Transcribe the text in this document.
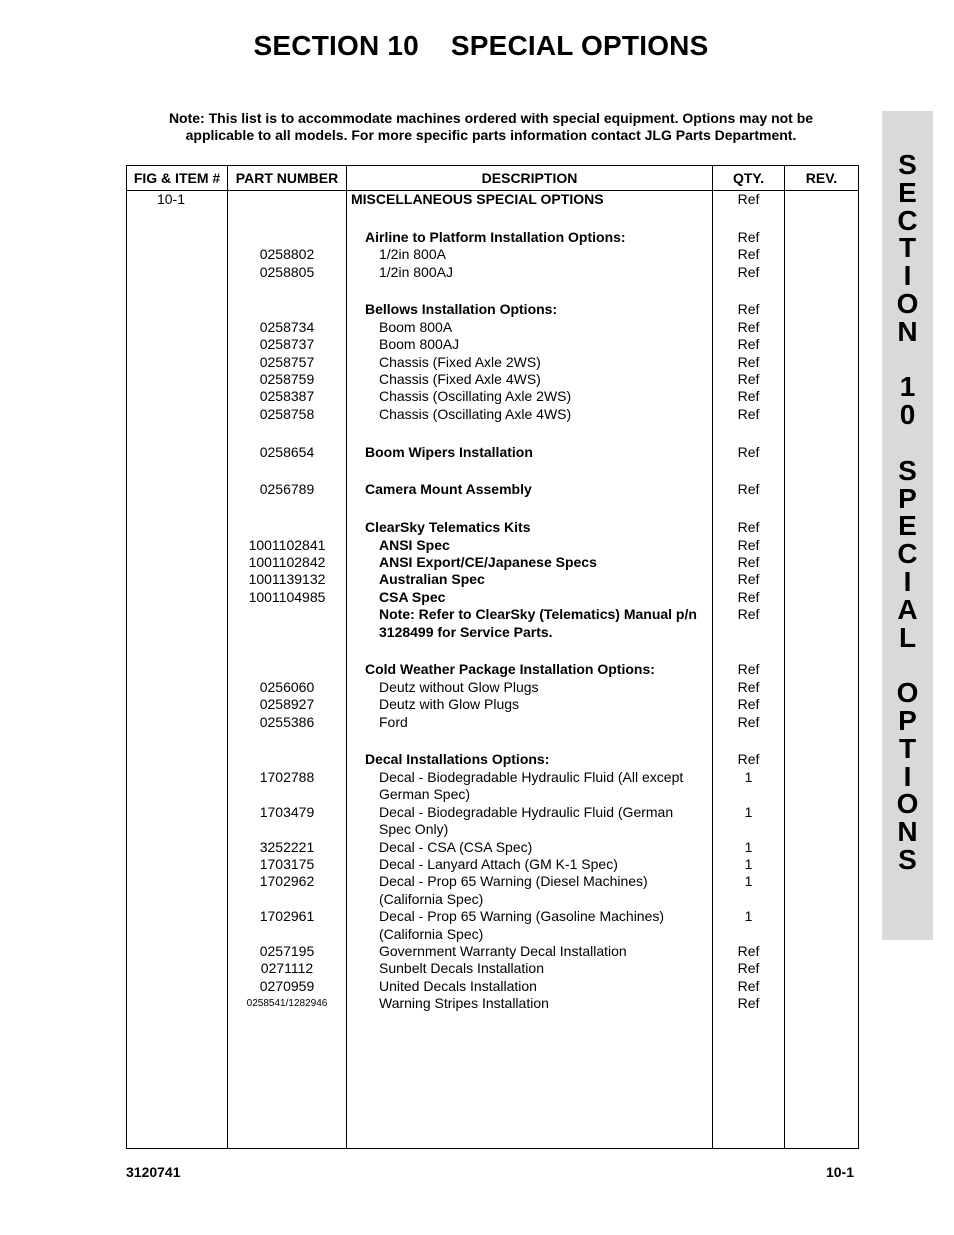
SECTION 10    SPECIAL OPTIONS
Note: This list is to accommodate machines ordered with special equipment. Options may not be applicable to all models. For more specific parts information contact JLG Parts Department.
S
E
C
T
I
O
N
1
0
S
P
E
C
I
A
L
O
P
T
I
O
N
S
FIG & ITEM #	PART NUMBER	DESCRIPTION	QTY.	REV.
10-1		MISCELLANEOUS SPECIAL OPTIONS	Ref	

		Airline to Platform Installation Options:	Ref	
	0258802	1/2in 800A	Ref	
	0258805	1/2in 800AJ	Ref	

		Bellows Installation Options:	Ref	
	0258734	Boom 800A	Ref	
	0258737	Boom 800AJ	Ref	
	0258757	Chassis (Fixed Axle 2WS)	Ref	
	0258759	Chassis (Fixed Axle 4WS)	Ref	
	0258387	Chassis (Oscillating Axle 2WS)	Ref	
	0258758	Chassis (Oscillating Axle 4WS)	Ref	

	0258654	Boom Wipers Installation	Ref	

	0256789	Camera Mount Assembly	Ref	

		ClearSky Telematics Kits	Ref	
	1001102841	ANSI Spec	Ref	
	1001102842	ANSI Export/CE/Japanese Specs	Ref	
	1001139132	Australian Spec	Ref	
	1001104985	CSA Spec	Ref	
		Note: Refer to ClearSky (Telematics) Manual p/n 3128499 for Service Parts.	Ref	

		Cold Weather Package Installation Options:	Ref	
	0256060	Deutz without Glow Plugs	Ref	
	0258927	Deutz with Glow Plugs	Ref	
	0255386	Ford	Ref	

		Decal Installations Options:	Ref	
	1702788	Decal - Biodegradable Hydraulic Fluid (All except German Spec)	1	
	1703479	Decal - Biodegradable Hydraulic Fluid (German Spec Only)	1	
	3252221	Decal - CSA (CSA Spec)	1	
	1703175	Decal - Lanyard Attach (GM K-1 Spec)	1	
	1702962	Decal - Prop 65 Warning (Diesel Machines) (California Spec)	1	
	1702961	Decal - Prop 65 Warning (Gasoline Machines) (California Spec)	1	
	0257195	Government Warranty Decal Installation	Ref	
	0271112	Sunbelt Decals Installation	Ref	
	0270959	United Decals Installation	Ref	
	0258541/1282946	Warning Stripes Installation	Ref	

3120741	10-1
